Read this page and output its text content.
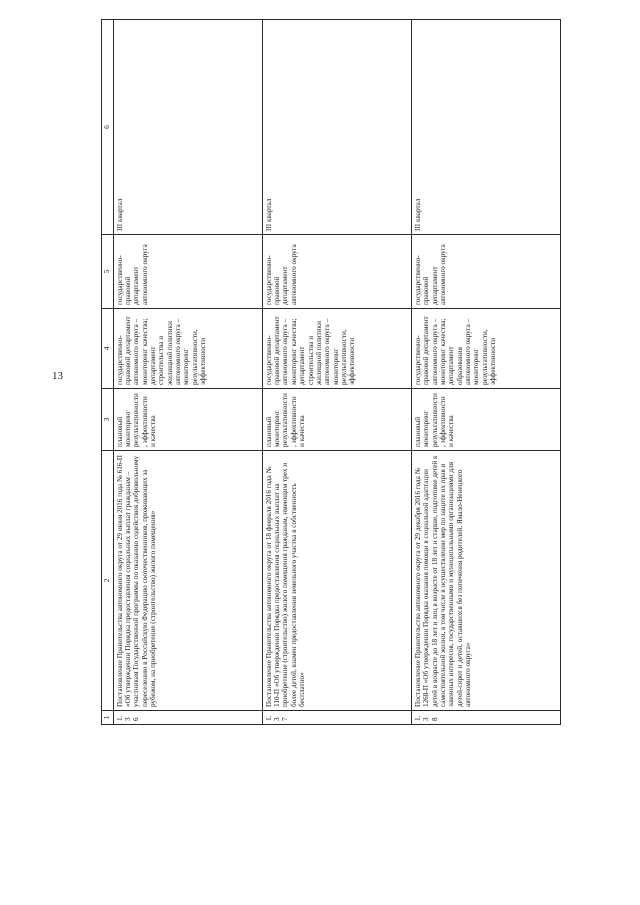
13
1	2	3	4	5	6
1.36	Постановление Правительства автономного округа от 29 июня 2016 года № 616-П «Об утверждении Порядка предоставления социальных выплат гражданам – участникам Государственной программы по оказанию содействия добровольному переселению в Российскую Федерацию соотечественников, проживающих за рубежом, на приобретение (строительство) жилого помещения»	плановый мониторинг результативности, эффективности и качества	государственно-правовой департамент автономного округа – мониторинг качества; департамент строительства и жилищной политики автономного округа – мониторинг результативности, эффективности	государственно-правовой департамент автономного округа	III квартал
1.37	Постановление Правительства автономного округа от 18 февраля 2016 года № 110-П «Об утверждении Порядка предоставления социальных выплат на приобретение (строительство) жилого помещения гражданам, имеющим трех и более детей, взамен предоставления земельного участка в собственность бесплатно»	плановый мониторинг результативности, эффективности и качества	государственно-правовой департамент автономного округа – мониторинг качества; департамент строительства и жилищной политики автономного округа – мониторинг результативности, эффективности	государственно-правовой департамент автономного округа	III квартал
1.38	Постановление Правительства автономного округа от 29 декабря 2016 года № 1268-П «Об утверждении Порядка оказания помощи в социальной адаптации детей в возрасте до 18 лет и лиц в возрасте от 18 лет и старше, подготовке детей к самостоятельной жизни, в том числе в осуществлении мер по защите их прав и законных интересов, государственными и муниципальными организациями для детей-сирот и детей, оставшихся без попечения родителей, Ямало-Ненецкого автономного округа»	плановый мониторинг результативности, эффективности и качества	государственно-правовой департамент автономного округа – мониторинг качества; департамент образования автономного округа – мониторинг результативности, эффективности	государственно-правовой департамент автономного округа	III квартал
